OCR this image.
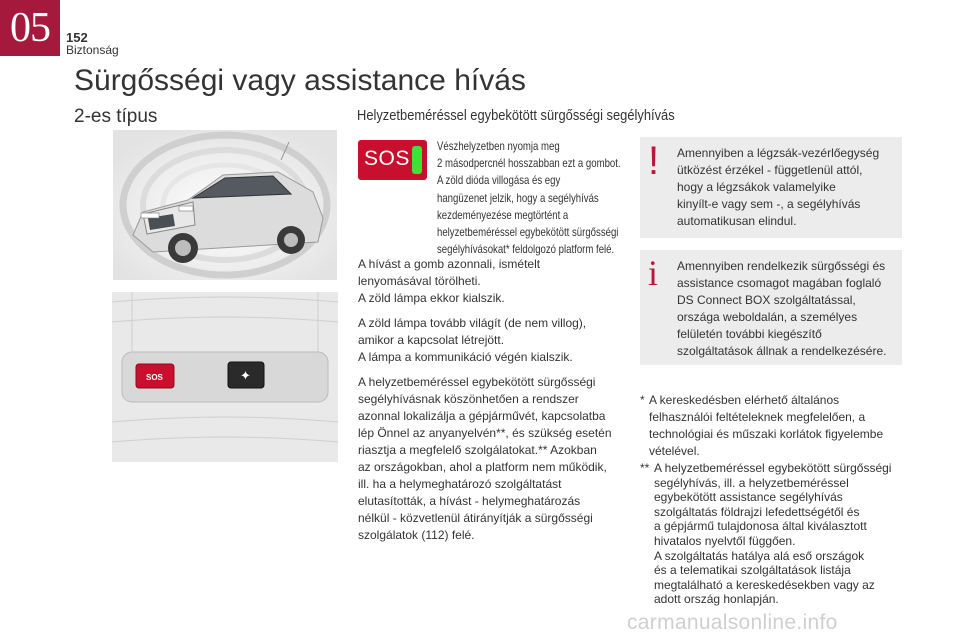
05	152
Biztonság
Sürgősségi vagy assistance hívás
2-es típus	Helyzetbeméréssel egybekötött sürgősségi segélyhívás
SOS	✦
SOS

Vészhelyzetben nyomja meg
2 másodpercnél hosszabban ezt a gombot.
A zöld dióda villogása és egy
hangüzenet jelzik, hogy a segélyhívás
kezdeményezése megtörtént a
helyzetbeméréssel egybekötött sürgősségi
segélyhívásokat* feldolgozó platform felé.

A hívást a gomb azonnali, ismételt
lenyomásával törölheti.
A zöld lámpa ekkor kialszik.

A zöld lámpa tovább világít (de nem villog),
amikor a kapcsolat létrejött.
A lámpa a kommunikáció végén kialszik.

A helyzetbeméréssel egybekötött sürgősségi
segélyhívásnak köszönhetően a rendszer
azonnal lokalizálja a gépjárművét, kapcsolatba
lép Önnel az anyanyelvén**, és szükség esetén
riasztja a megfelelő szolgálatokat.** Azokban
az országokban, ahol a platform nem működik,
ill. ha a helymeghatározó szolgáltatást
elutasították, a hívást - helymeghatározás
nélkül - közvetlenül átirányítják a sürgősségi
szolgálatok (112) felé.

! Amennyiben a légzsák-vezérlőegység
ütközést érzékel - függetlenül attól,
hogy a légzsákok valamelyike
kinyílt-e vagy sem -, a segélyhívás
automatikusan elindul.

i Amennyiben rendelkezik sürgősségi és
assistance csomagot magában foglaló
DS Connect BOX szolgáltatással,
országa weboldalán, a személyes
felületén további kiegészítő
szolgáltatások állnak a rendelkezésére.

* A kereskedésben elérhető általános
felhasználói feltételeknek megfelelően, a
technológiai és műszaki korlátok figyelembe
vételével.
** A helyzetbeméréssel egybekötött sürgősségi
segélyhívás, ill. a helyzetbeméréssel
egybekötött assistance segélyhívás
szolgáltatás földrajzi lefedettségétől és
a gépjármű tulajdonosa által kiválasztott
hivatalos nyelvtől függően.
A szolgáltatás hatálya alá eső országok
és a telematikai szolgáltatások listája
megtalálható a kereskedésekben vagy az
adott ország honlapján.
carmanualsonline.info
